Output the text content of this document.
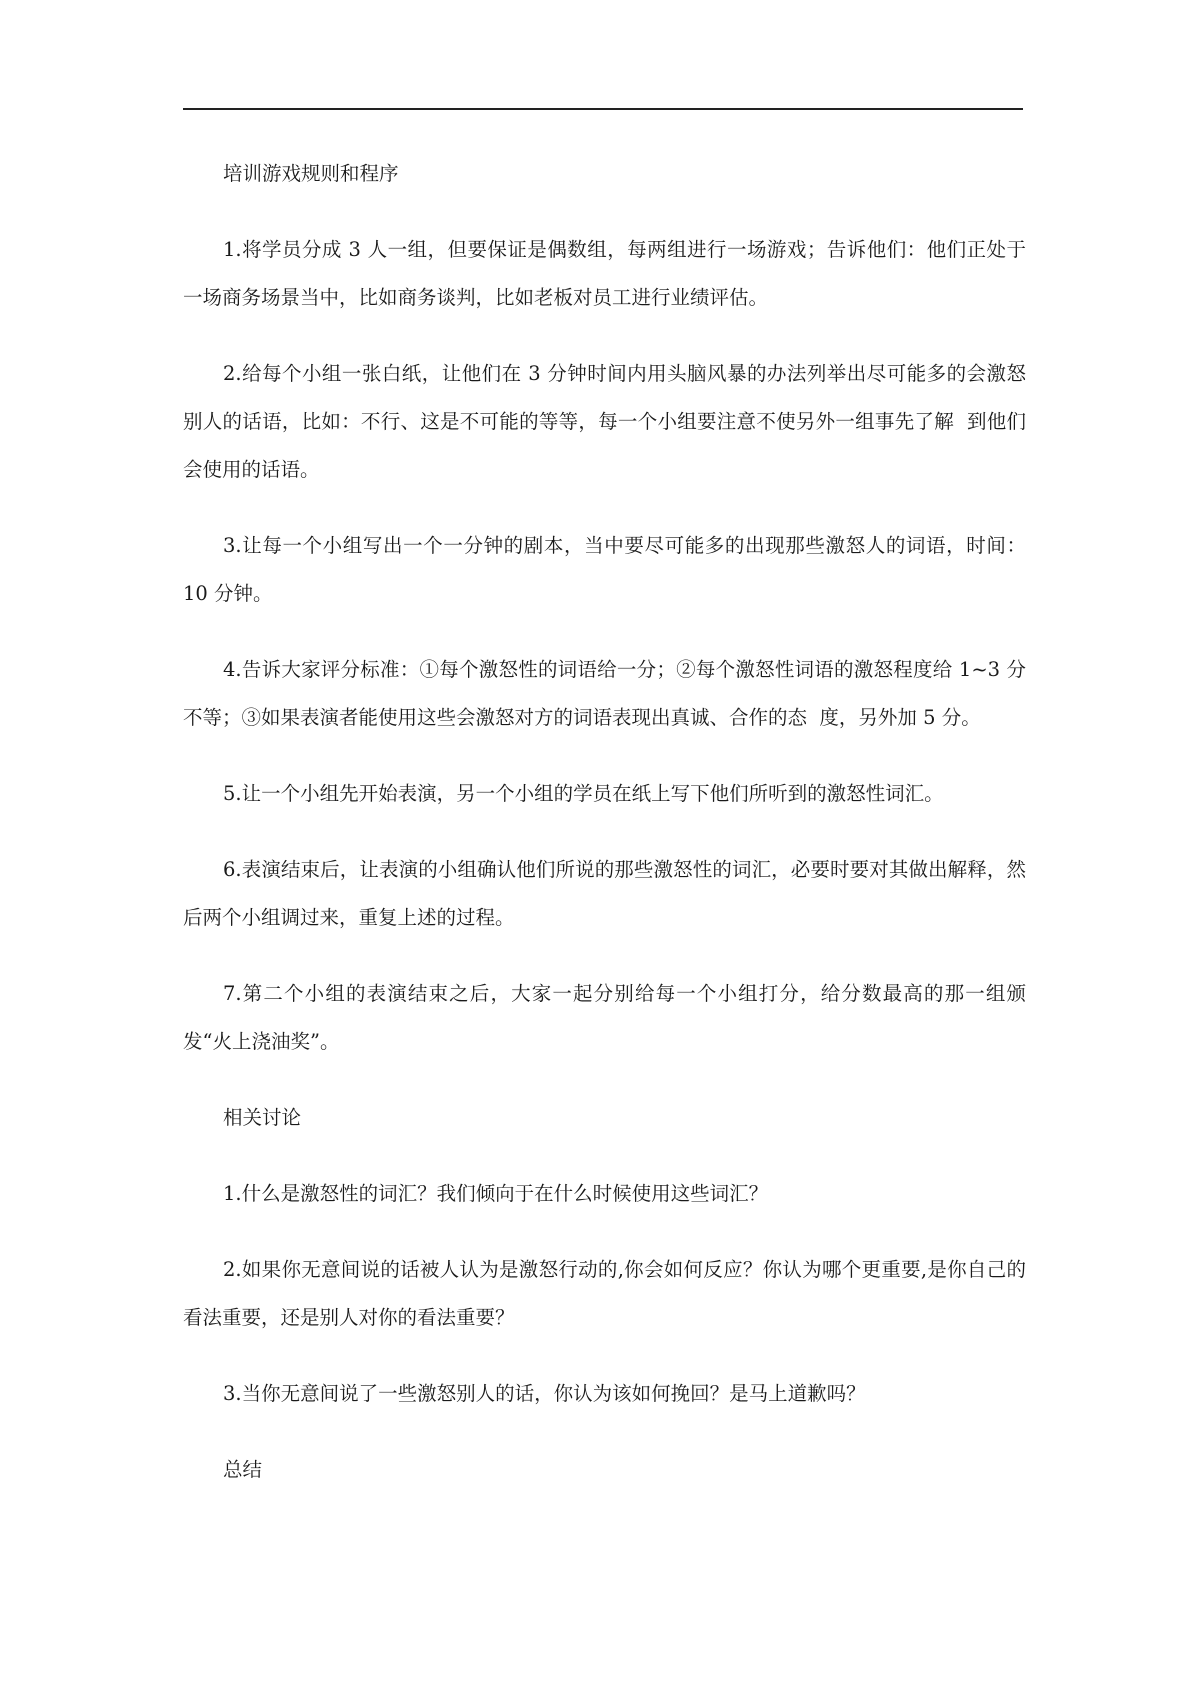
培训游戏规则和程序

1.将学员分成 3 人一组，但要保证是偶数组，每两组进行一场游戏；告诉他们：他们正处于一场商务场景当中，比如商务谈判，比如老板对员工进行业绩评估。

2.给每个小组一张白纸，让他们在 3 分钟时间内用头脑风暴的办法列举出尽可能多的会激怒别人的话语，比如：不行、这是不可能的等等，每一个小组要注意不使另外一组事先了解  到他们会使用的话语。

3.让每一个小组写出一个一分钟的剧本，当中要尽可能多的出现那些激怒人的词语，时间：10 分钟。

4.告诉大家评分标准：①每个激怒性的词语给一分；②每个激怒性词语的激怒程度给 1~3 分不等；③如果表演者能使用这些会激怒对方的词语表现出真诚、合作的态  度，另外加 5 分。

5.让一个小组先开始表演，另一个小组的学员在纸上写下他们所听到的激怒性词汇。

6.表演结束后，让表演的小组确认他们所说的那些激怒性的词汇，必要时要对其做出解释，然后两个小组调过来，重复上述的过程。

7.第二个小组的表演结束之后，大家一起分别给每一个小组打分，给分数最高的那一组颁  发“火上浇油奖”。

相关讨论

1.什么是激怒性的词汇？我们倾向于在什么时候使用这些词汇？

2.如果你无意间说的话被人认为是激怒行动的,你会如何反应？你认为哪个更重要,是你自己的看法重要，还是别人对你的看法重要？

3.当你无意间说了一些激怒别人的话，你认为该如何挽回？是马上道歉吗？

总结
